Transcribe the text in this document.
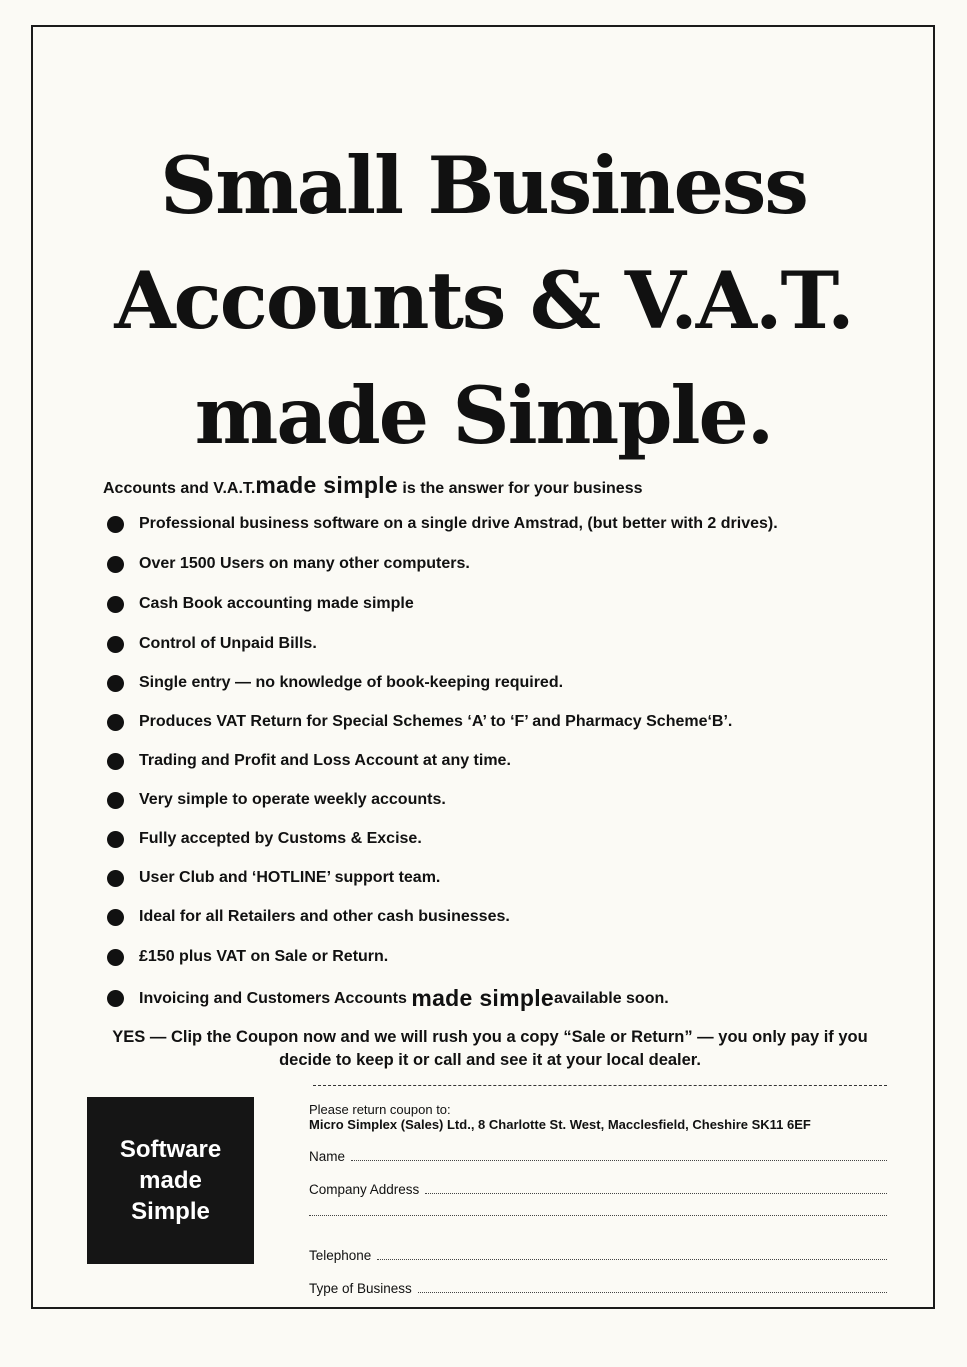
Small Business
Accounts & V.A.T.
made Simple.
Accounts and V.A.T.made simple is the answer for your business
Professional business software on a single drive Amstrad, (but better with 2 drives).
Over 1500 Users on many other computers.
Cash Book accounting made simple
Control of Unpaid Bills.
Single entry — no knowledge of book-keeping required.
Produces VAT Return for Special Schemes ‘A’ to ‘F’ and Pharmacy Scheme‘B’.
Trading and Profit and Loss Account at any time.
Very simple to operate weekly accounts.
Fully accepted by Customs & Excise.
User Club and ‘HOTLINE’ support team.
Ideal for all Retailers and other cash businesses.
£150 plus VAT on Sale or Return.
Invoicing and Customers Accounts
made simple available soon.
YES — Clip the Coupon now and we will rush you a copy “Sale or Return” — you only pay if you
decide to keep it or call and see it at your local dealer.
Software
made
Simple
Please return coupon to:
Micro Simplex (Sales) Ltd., 8 Charlotte St. West, Macclesfield, Cheshire SK11 6EF
Name
Company Address
Telephone
Type of Business
